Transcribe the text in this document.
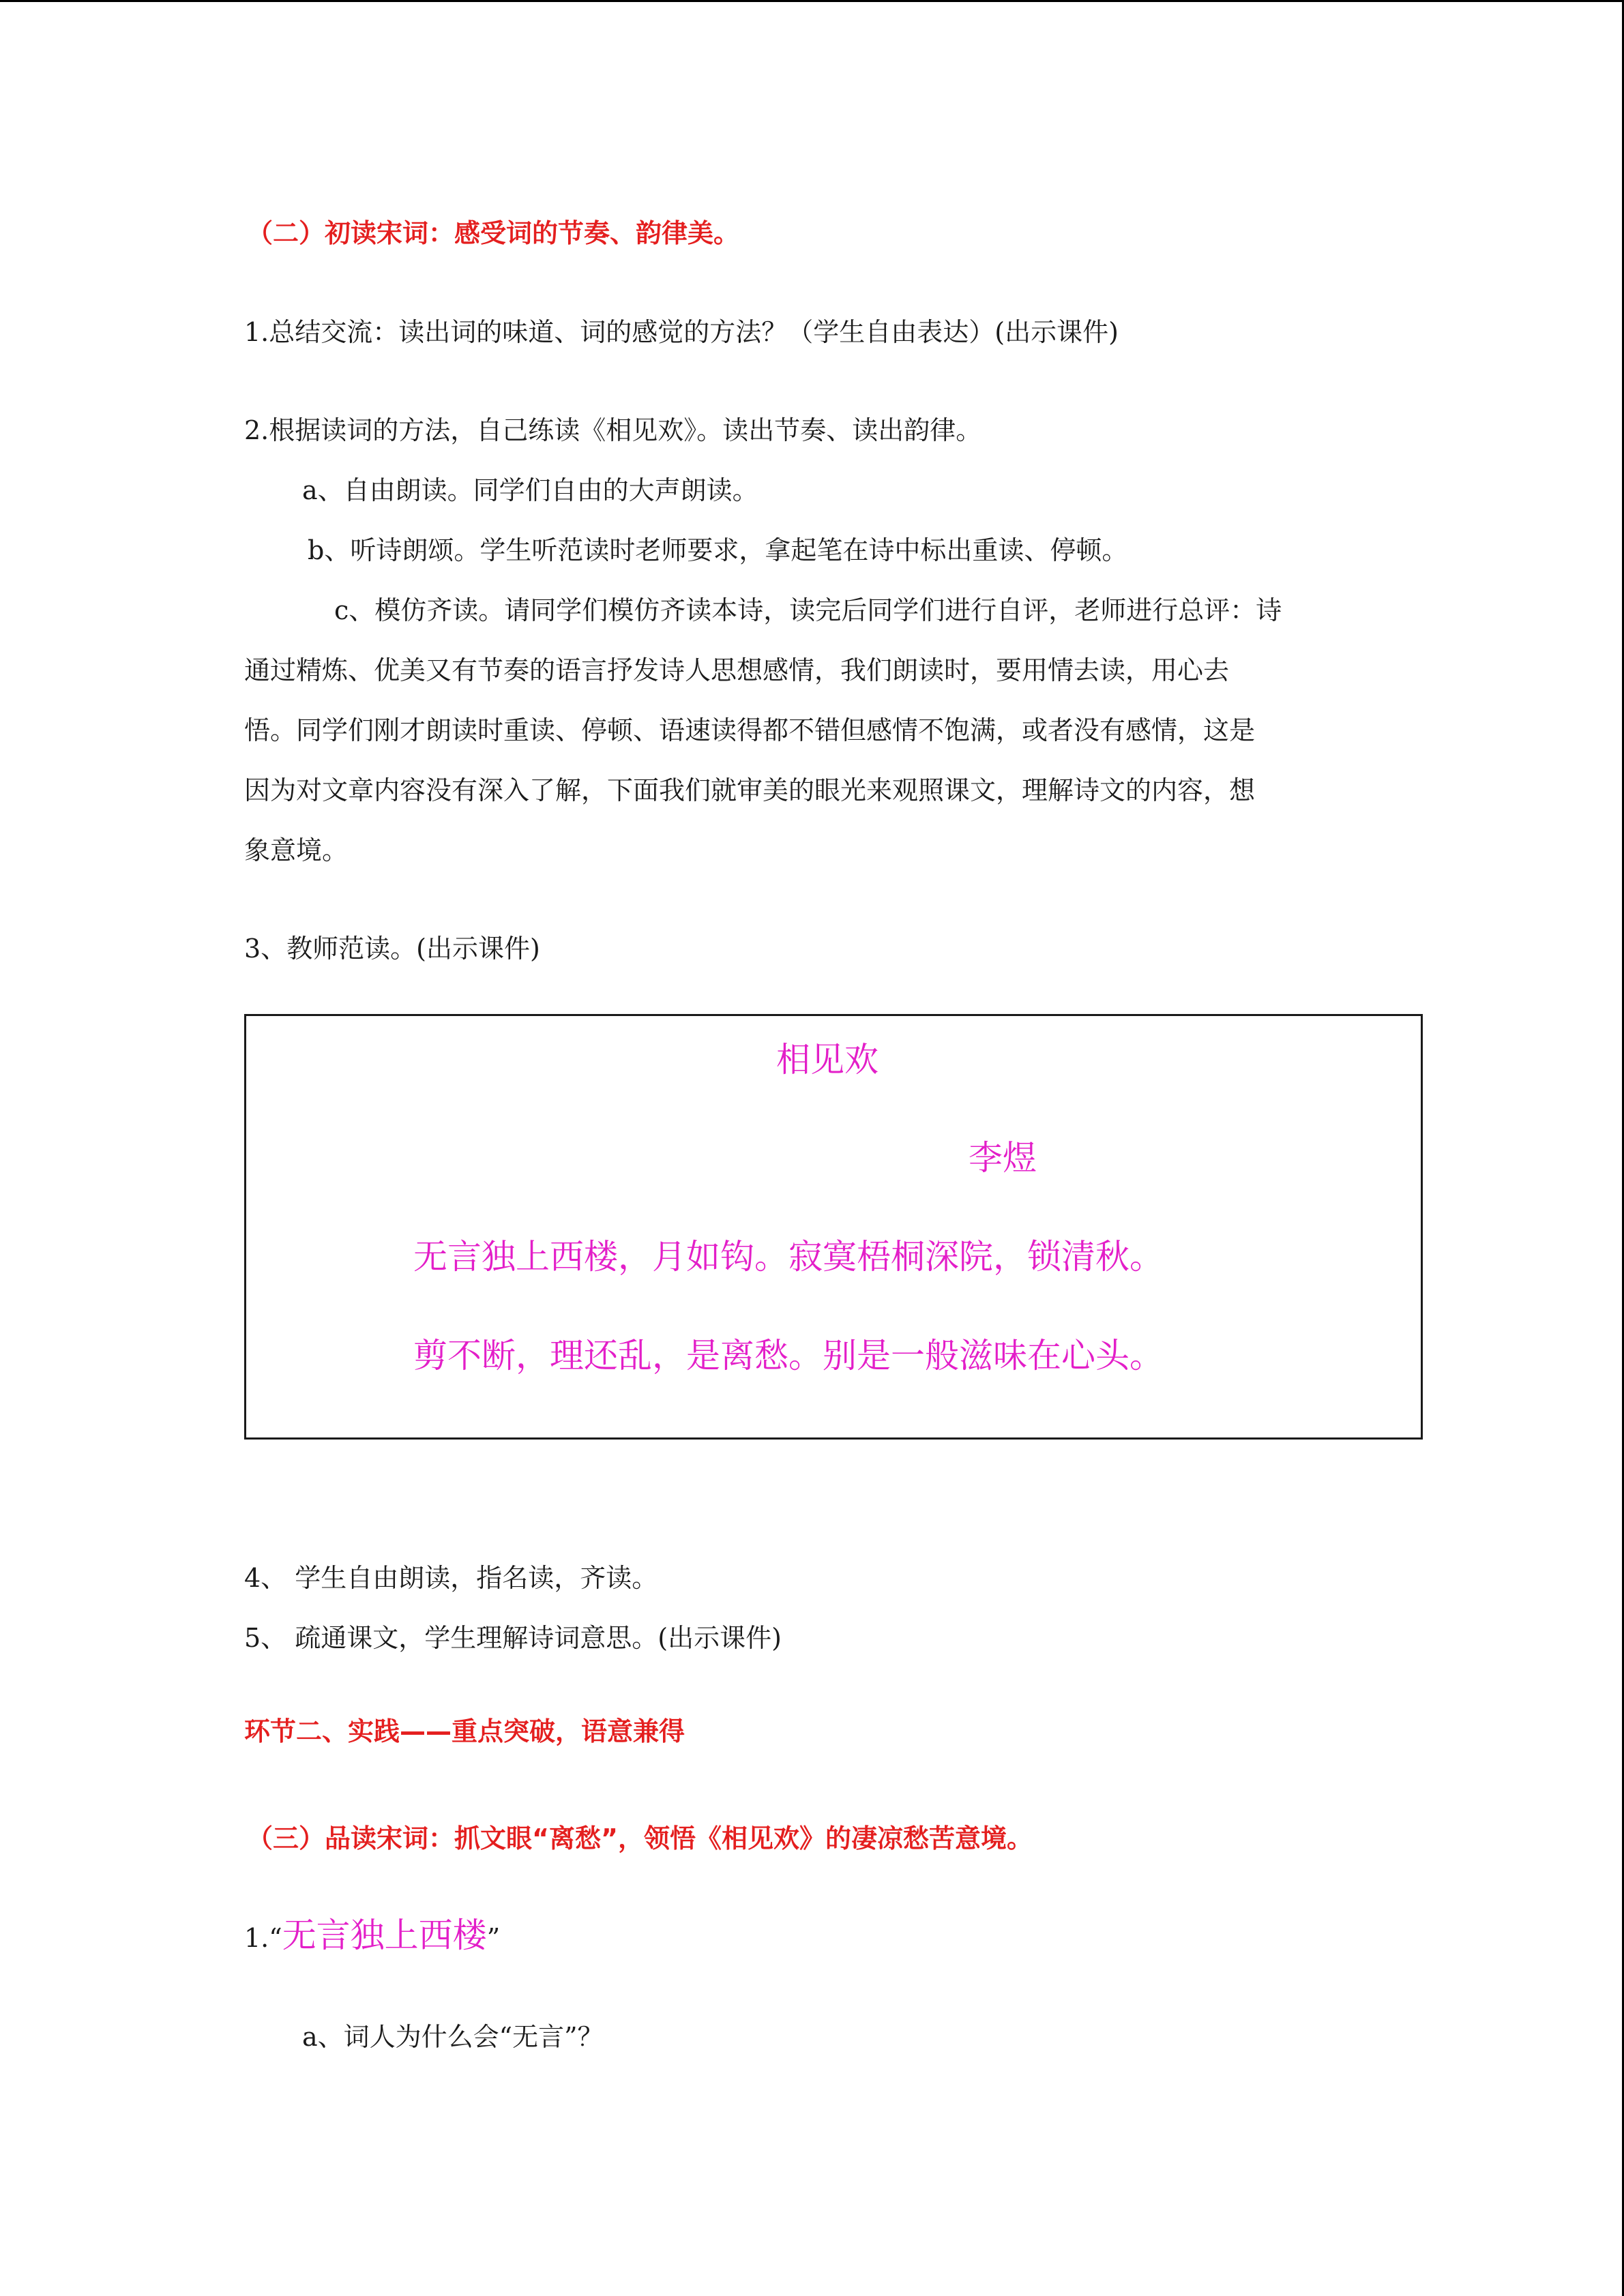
（二）初读宋词：感受词的节奏、韵律美。
1.总结交流：读出词的味道、词的感觉的方法？（学生自由表达）(出示课件)
2.根据读词的方法，自己练读《相见欢》。读出节奏、读出韵律。
a、自由朗读。同学们自由的大声朗读。
b、听诗朗颂。学生听范读时老师要求，拿起笔在诗中标出重读、停顿。
c、模仿齐读。请同学们模仿齐读本诗，读完后同学们进行自评，老师进行总评：诗
通过精炼、优美又有节奏的语言抒发诗人思想感情，我们朗读时，要用情去读，用心去
悟。同学们刚才朗读时重读、停顿、语速读得都不错但感情不饱满，或者没有感情，这是
因为对文章内容没有深入了解，下面我们就审美的眼光来观照课文，理解诗文的内容，想
象意境。
3、教师范读。(出示课件)
相见欢
李煜
无言独上西楼，月如钩。寂寞梧桐深院，锁清秋。
剪不断，理还乱，是离愁。别是一般滋味在心头。
4、 学生自由朗读，指名读，齐读。
5、 疏通课文，学生理解诗词意思。(出示课件)
环节二、实践——重点突破，语意兼得
（三）品读宋词：抓文眼“离愁”，领悟《相见欢》的凄凉愁苦意境。
1.“无言独上西楼”
a、词人为什么会“无言”？
